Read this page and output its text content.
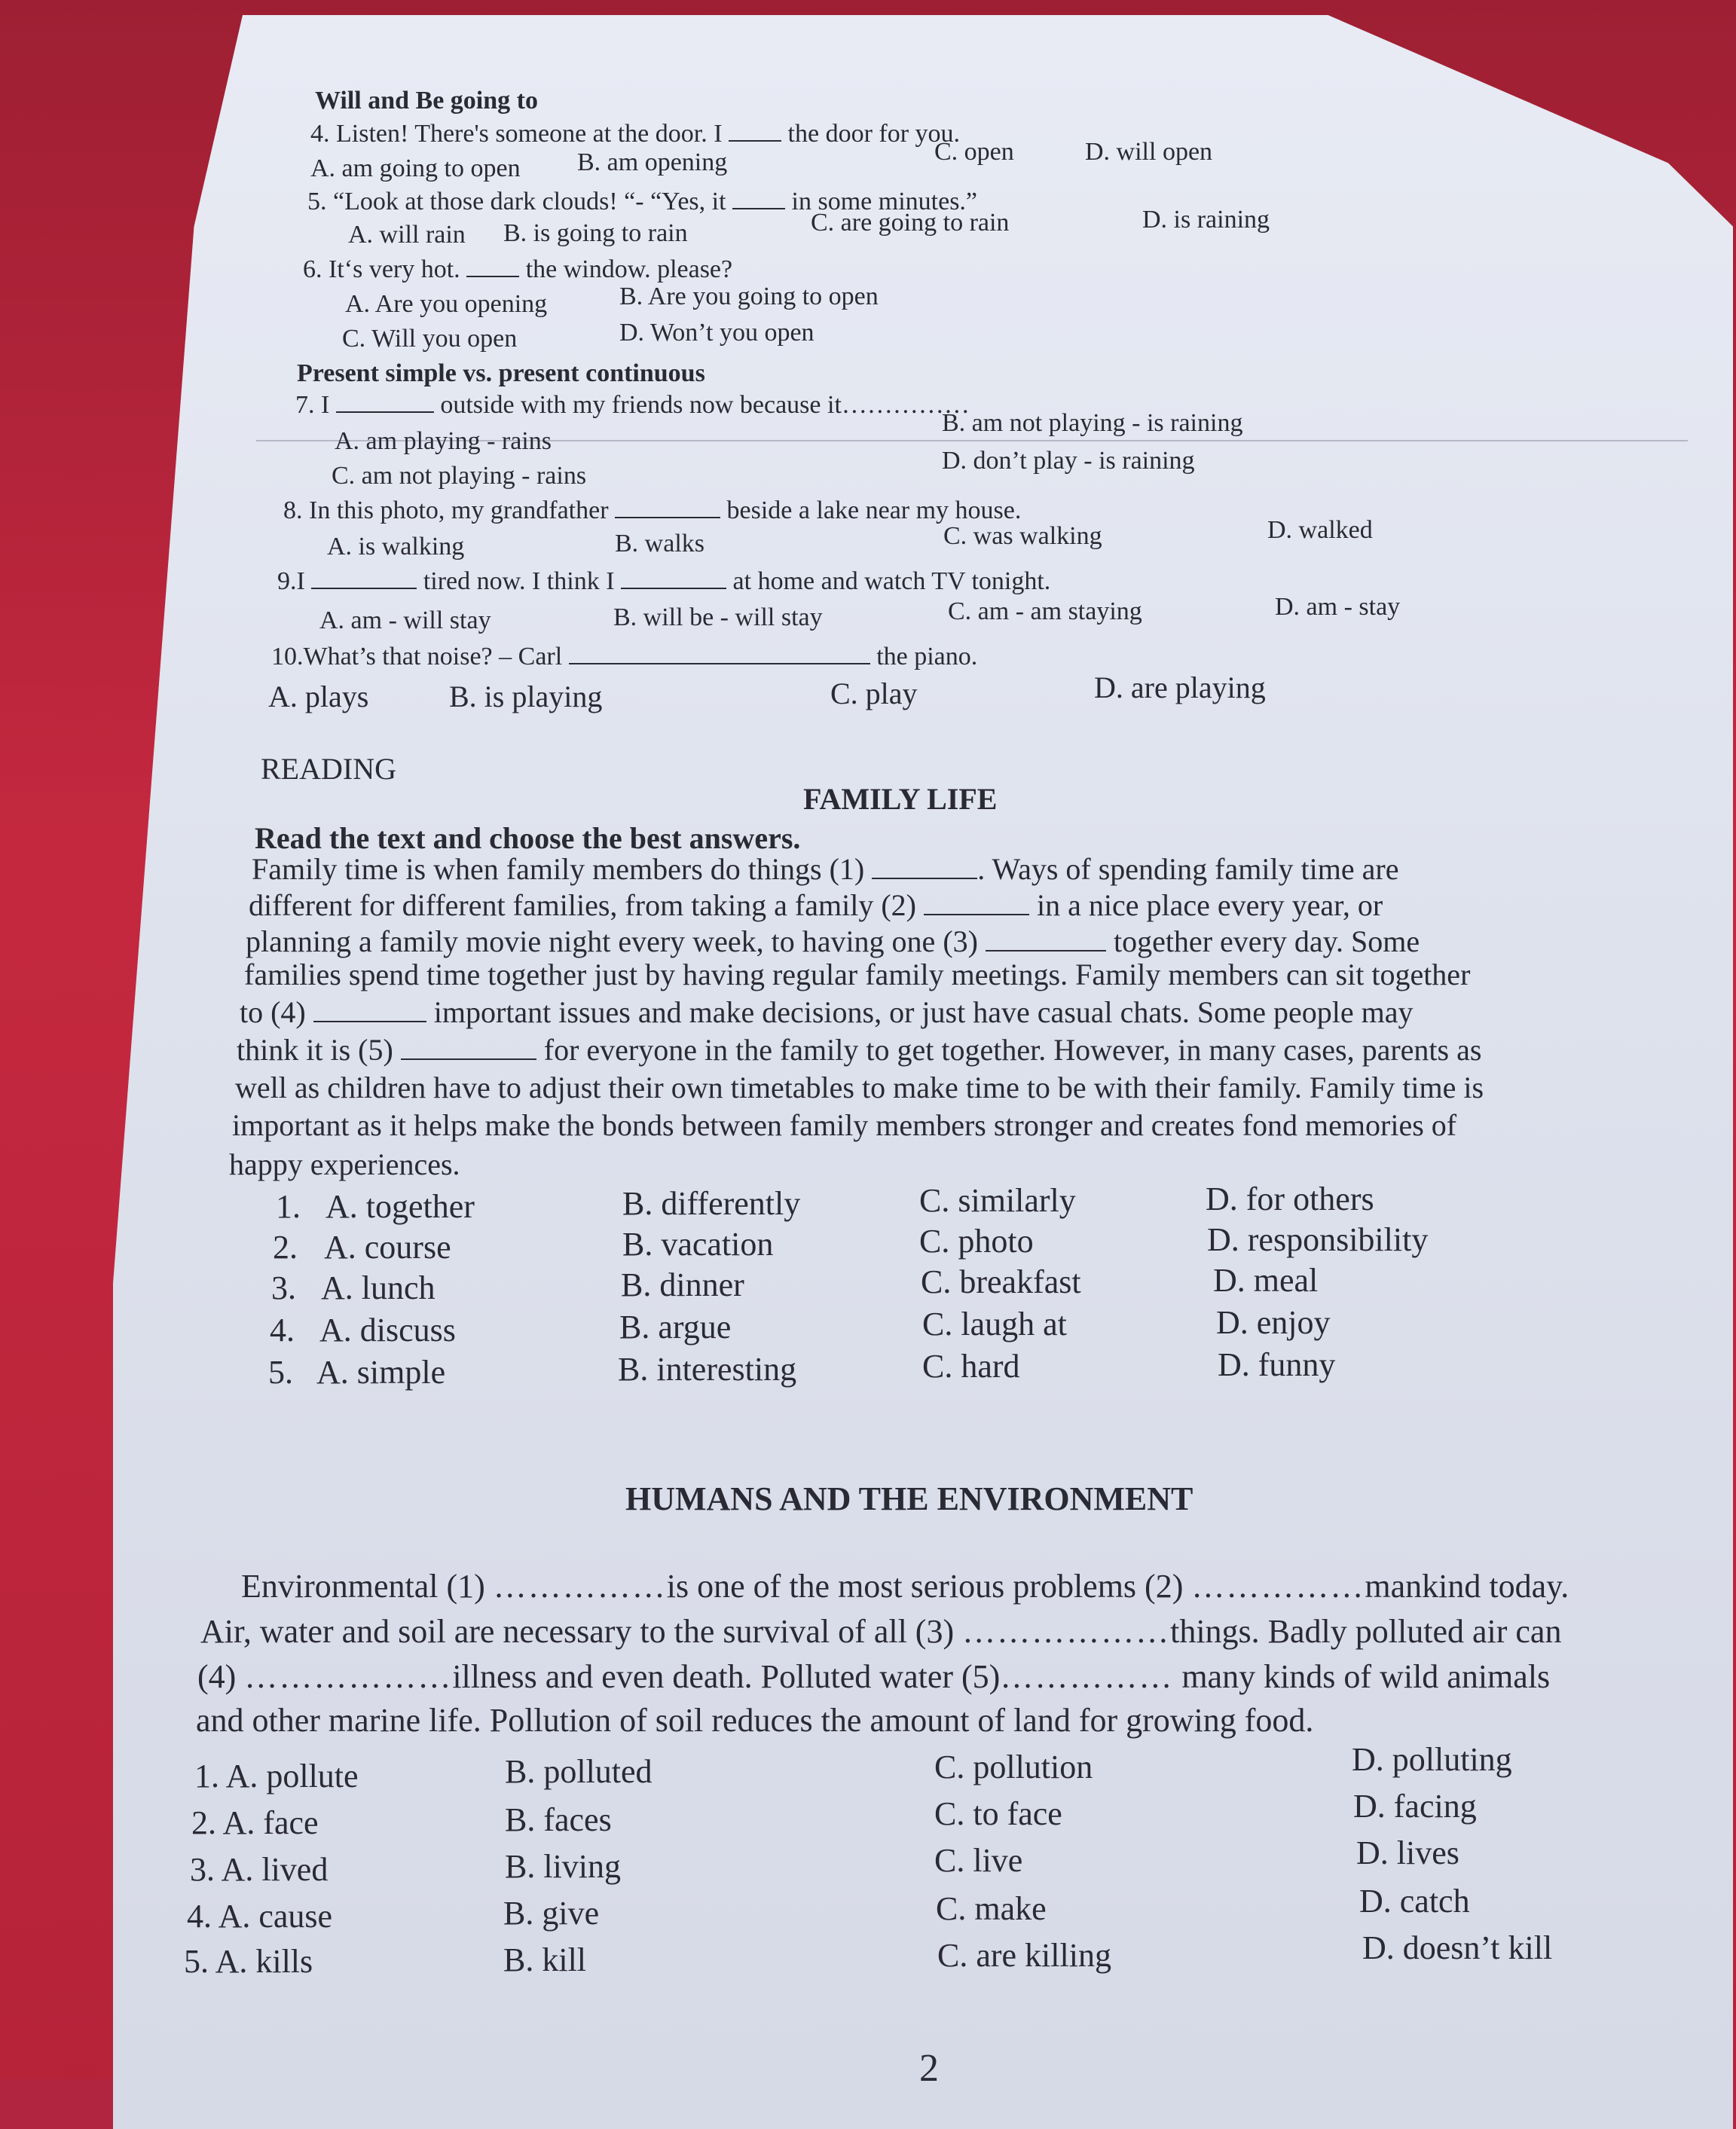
Will and Be going to
4. Listen! There's someone at the door. I	the door for you.
A. am going to open B. am opening	C. open	D. will open
5. “Look at those dark clouds! “- “Yes, it	in some minutes.”
A. will rain B. is going to rain	C. are going to rain	D. is raining
6. It‘s very hot.	the window. please?
A. Are you opening	B. Are you going to open
C. Will you open	D. Won’t you open
Present simple vs. present continuous
7. I	outside with my friends now because it……………
A. am playing - rains
B. am not playing - is raining
C. am not playing - rains
D. don’t play - is raining
8. In this photo, my grandfather	beside a lake near my house.
A. is walking	B. walks	C. was walking	D. walked
9.I	tired now. I think I	at home and watch TV tonight.
A. am - will stay	B. will be - will stay	C. am - am staying	D. am - stay
10.What’s that noise? – Carl	the piano.
A. plays	B. is playing	C. play	D. are playing
READING
FAMILY LIFE
Read the text and choose the best answers.
Family time is when family members do things (1)	. Ways of spending family time are
different for different families, from taking a family (2)	in a nice place every year, or
planning a family movie night every week, to having one (3)	together every day. Some
families spend time together just by having regular family meetings. Family members can sit together
to (4)	important issues and make decisions, or just have casual chats. Some people may
think it is (5)	for everyone in the family to get together. However, in many cases, parents as
well as children have to adjust their own timetables to make time to be with their family. Family time is
important as it helps make the bonds between family members stronger and creates fond memories of
happy experiences.
1. A. together	B. differently	C. similarly	D. for others
2. A. course	B. vacation	C. photo	D. responsibility
3. A. lunch	B. dinner	C. breakfast	D. meal
4. A. discuss	B. argue	C. laugh at	D. enjoy
5. A. simple	B. interesting	C. hard	D. funny
HUMANS AND THE ENVIRONMENT
Environmental (1) ……………is one of the most serious problems (2) ……………mankind today.
Air, water and soil are necessary to the survival of all (3) ………………things. Badly polluted air can
(4) ………………illness and even death. Polluted water (5)…………… many kinds of wild animals
and other marine life. Pollution of soil reduces the amount of land for growing food.
1. A. pollute	B. polluted	C. pollution	D. polluting
2. A. face	B. faces	C. to face	D. facing
3. A. lived	B. living	C. live	D. lives
4. A. cause	B. give	C. make	D. catch
5. A. kills	B. kill	C. are killing	D. doesn’t kill
2
